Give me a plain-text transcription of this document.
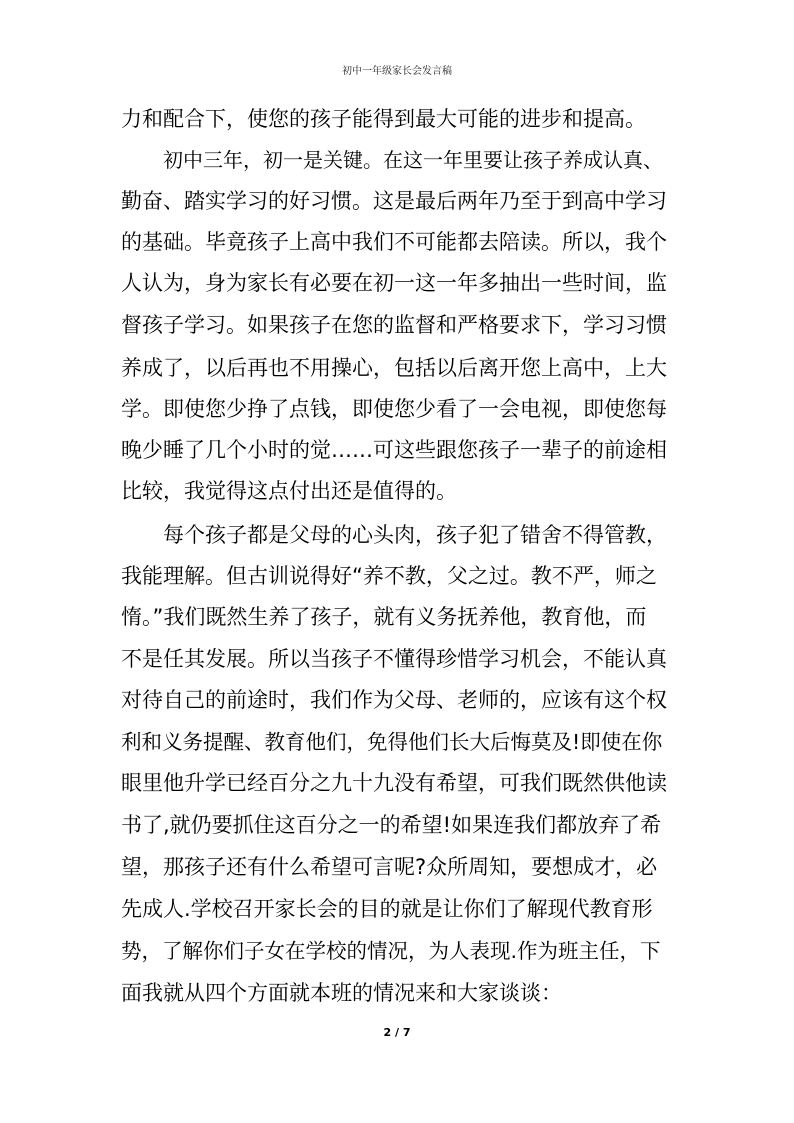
初中一年级家长会发言稿
力和配合下，使您的孩子能得到最大可能的进步和提高。
初中三年，初一是关键。在这一年里要让孩子养成认真、
勤奋、踏实学习的好习惯。这是最后两年乃至于到高中学习
的基础。毕竟孩子上高中我们不可能都去陪读。所以，我个
人认为，身为家长有必要在初一这一年多抽出一些时间，监
督孩子学习。如果孩子在您的监督和严格要求下，学习习惯
养成了，以后再也不用操心，包括以后离开您上高中，上大
学。即使您少挣了点钱，即使您少看了一会电视，即使您每
晚少睡了几个小时的觉……可这些跟您孩子一辈子的前途相
比较，我觉得这点付出还是值得的。
每个孩子都是父母的心头肉，孩子犯了错舍不得管教，
我能理解。但古训说得好“养不教，父之过。教不严，师之
惰。”我们既然生养了孩子，就有义务抚养他，教育他，而
不是任其发展。所以当孩子不懂得珍惜学习机会，不能认真
对待自己的前途时，我们作为父母、老师的，应该有这个权
利和义务提醒、教育他们，免得他们长大后悔莫及!即使在你
眼里他升学已经百分之九十九没有希望，可我们既然供他读
书了,就仍要抓住这百分之一的希望!如果连我们都放弃了希
望，那孩子还有什么希望可言呢?众所周知，要想成才，必
先成人.学校召开家长会的目的就是让你们了解现代教育形
势，了解你们子女在学校的情况，为人表现.作为班主任，下
面我就从四个方面就本班的情况来和大家谈谈：
2 / 7
